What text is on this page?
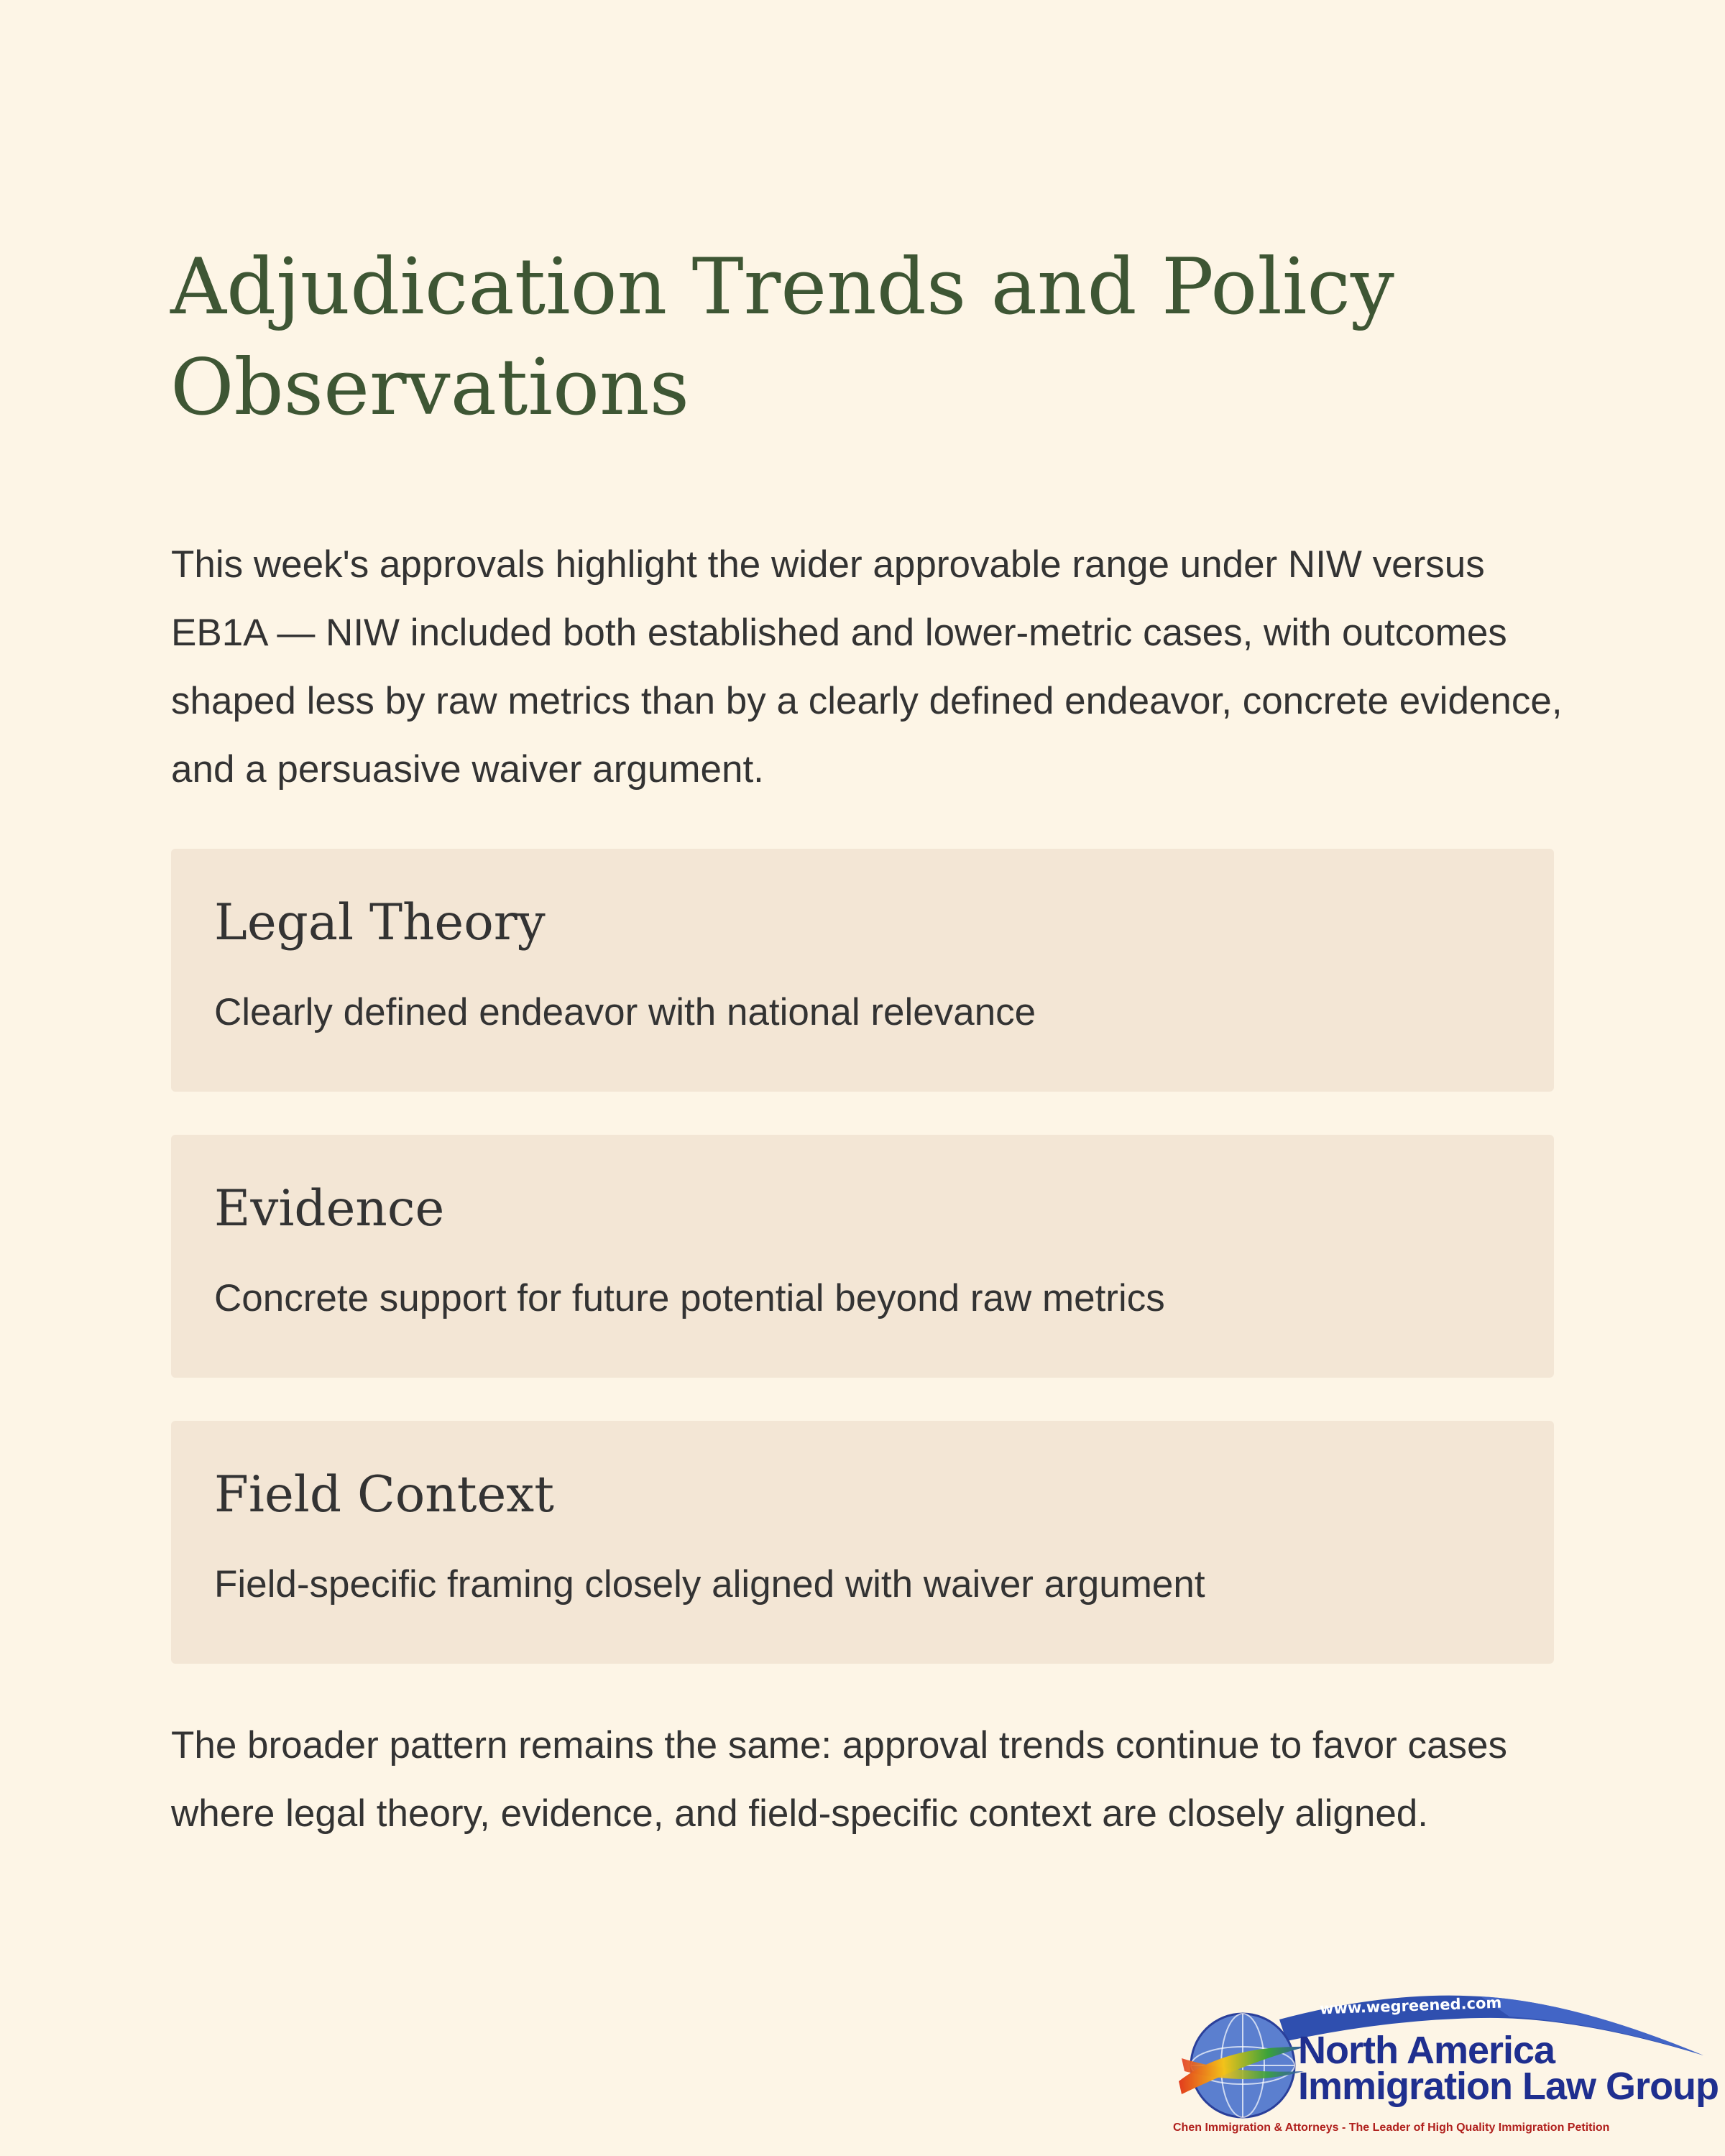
Adjudication Trends and Policy Observations

This week's approvals highlight the wider approvable range under NIW versus EB1A — NIW included both established and lower-metric cases, with outcomes shaped less by raw metrics than by a clearly defined endeavor, concrete evidence, and a persuasive waiver argument.

Legal Theory

Clearly defined endeavor with national relevance

Evidence

Concrete support for future potential beyond raw metrics

Field Context

Field-specific framing closely aligned with waiver argument

The broader pattern remains the same: approval trends continue to favor cases where legal theory, evidence, and field-specific context are closely aligned.

www.wegreened.com
North America
Immigration Law Group
Chen Immigration & Attorneys - The Leader of High Quality Immigration Petition
